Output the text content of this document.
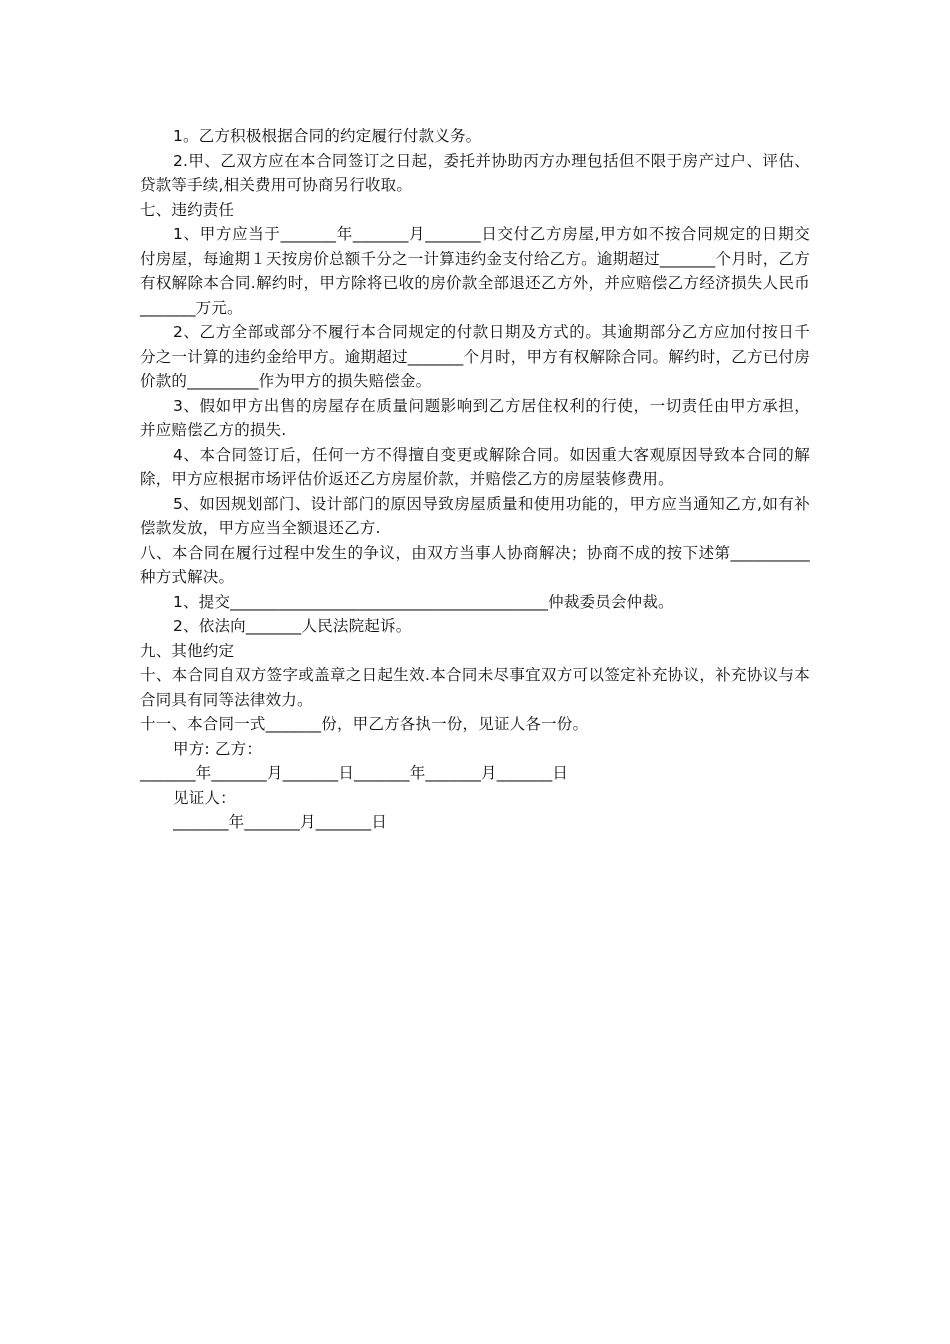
1。乙方积极根据合同的约定履行付款义务。

2.甲、乙双方应在本合同签订之日起，委托并协助丙方办理包括但不限于房产过户、评估、贷款等手续,相关费用可协商另行收取。

七、违约责任

1、甲方应当于_______年_______月_______日交付乙方房屋,甲方如不按合同规定的日期交付房屋，每逾期１天按房价总额千分之一计算违约金支付给乙方。逾期超过_______个月时，乙方有权解除本合同.解约时，甲方除将已收的房价款全部退还乙方外，并应赔偿乙方经济损失人民币_______万元。

2、乙方全部或部分不履行本合同规定的付款日期及方式的。其逾期部分乙方应加付按日千分之一计算的违约金给甲方。逾期超过_______个月时，甲方有权解除合同。解约时，乙方已付房价款的_________作为甲方的损失赔偿金。

3、假如甲方出售的房屋存在质量问题影响到乙方居住权利的行使，一切责任由甲方承担，并应赔偿乙方的损失.

4、本合同签订后，任何一方不得擅自变更或解除合同。如因重大客观原因导致本合同的解除，甲方应根据市场评估价返还乙方房屋价款，并赔偿乙方的房屋装修费用。

5、如因规划部门、设计部门的原因导致房屋质量和使用功能的，甲方应当通知乙方,如有补偿款发放，甲方应当全额退还乙方.

八、本合同在履行过程中发生的争议，由双方当事人协商解决；协商不成的按下述第__________种方式解决。

1、提交________________________________________仲裁委员会仲裁。

2、依法向_______人民法院起诉。

九、其他约定

十、本合同自双方签字或盖章之日起生效.本合同未尽事宜双方可以签定补充协议，补充协议与本合同具有同等法律效力。

十一、本合同一式_______份，甲乙方各执一份，见证人各一份。

甲方: 乙方：

_______年_______月_______日_______年_______月_______日

见证人：

_______年_______月_______日
